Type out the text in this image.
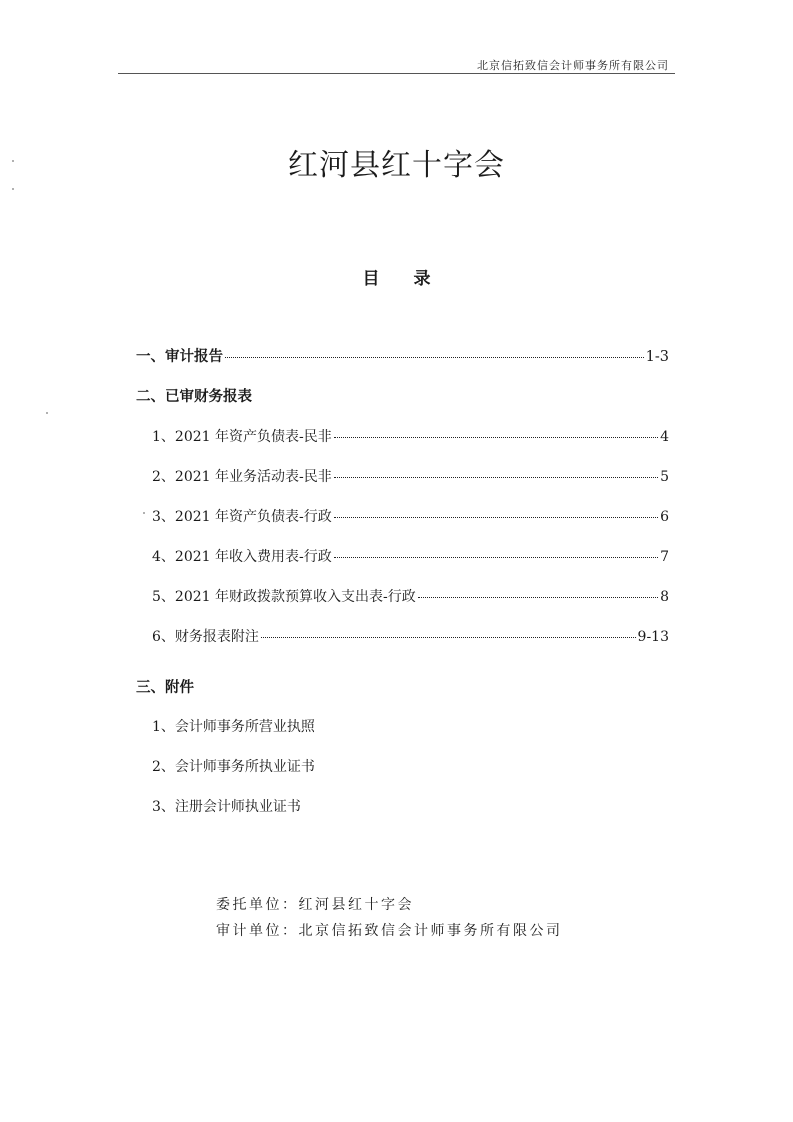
北京信拓致信会计师事务所有限公司
红河县红十字会
目 录
一、审计报告	1-3
二、已审财务报表
1、2021 年资产负债表-民非	4
2、2021 年业务活动表-民非	5
3、2021 年资产负债表-行政	6
4、2021 年收入费用表-行政	7
5、2021 年财政拨款预算收入支出表-行政	8
6、财务报表附注	9-13
三、附件
1、会计师事务所营业执照
2、会计师事务所执业证书
3、注册会计师执业证书
委托单位：红河县红十字会
审计单位：北京信拓致信会计师事务所有限公司
